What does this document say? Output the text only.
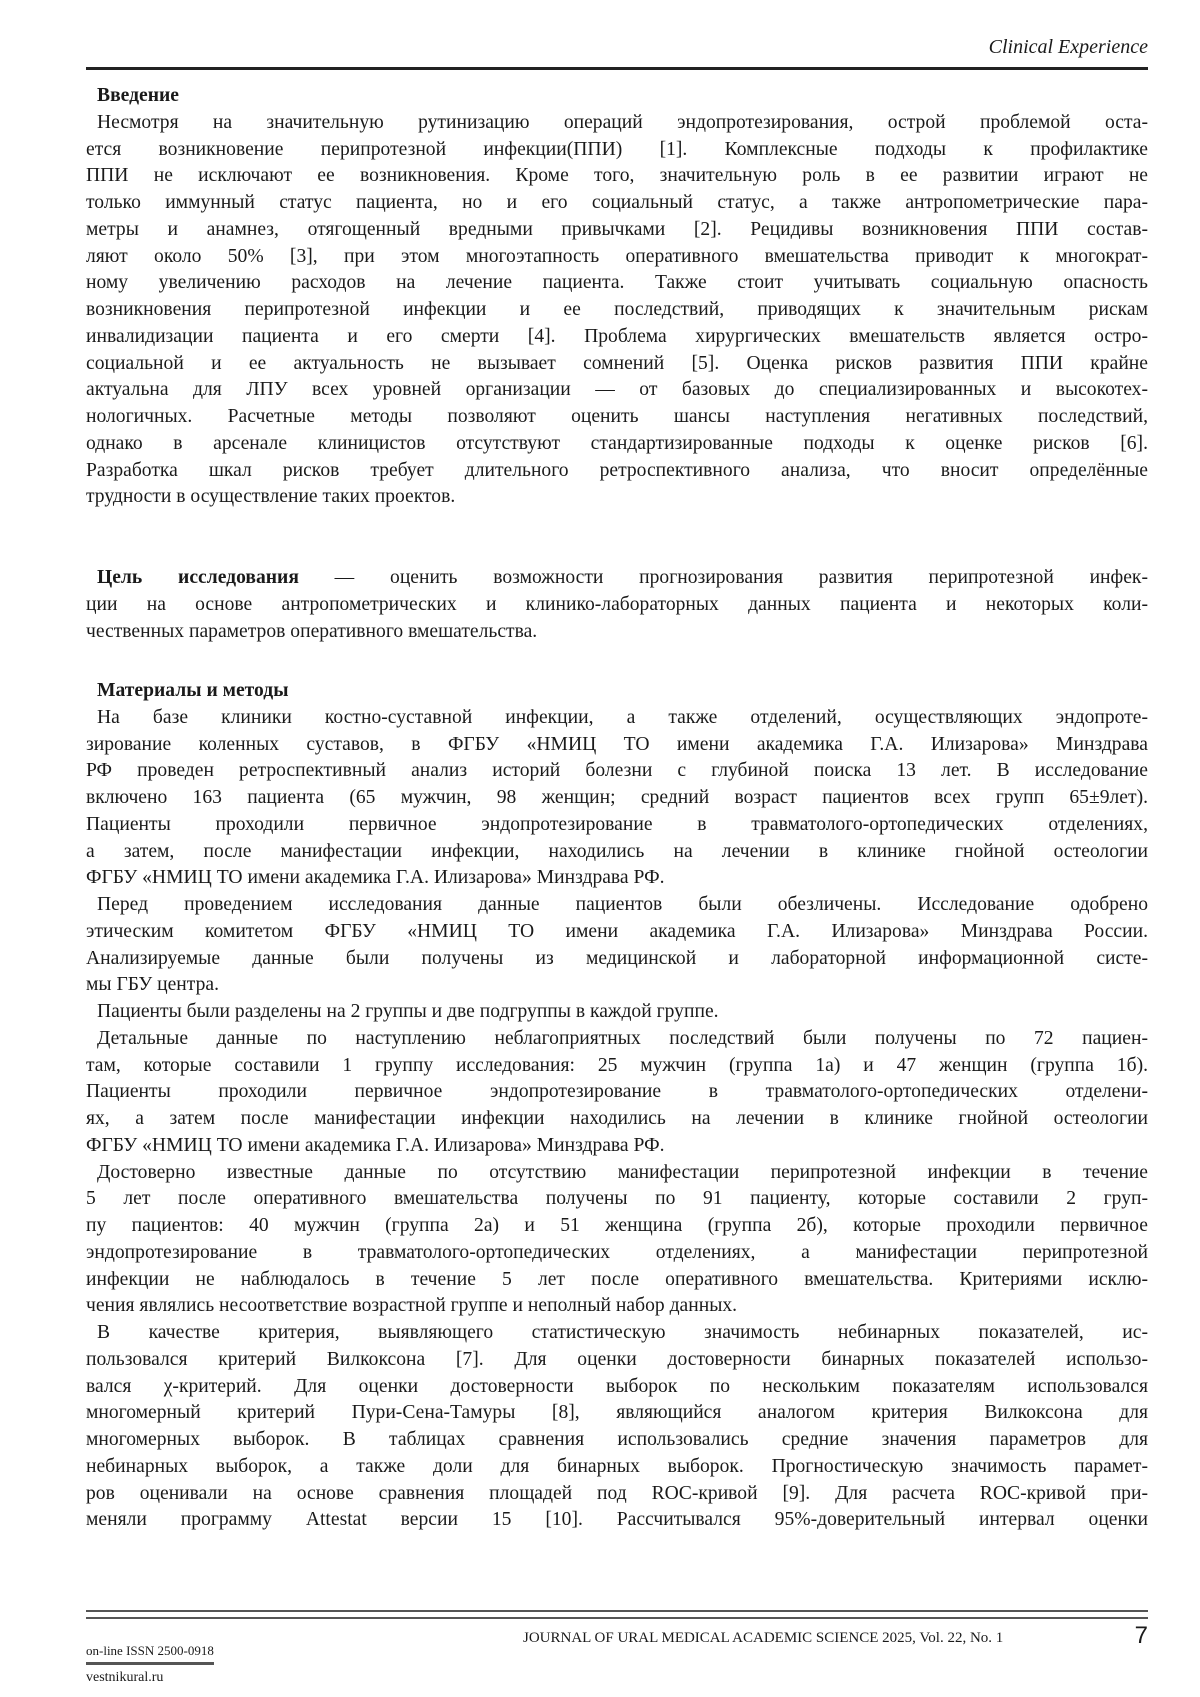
Clinical Experience
Введение
Несмотря на значительную рутинизацию операций эндопротезирования, острой проблемой оста-
ется возникновение перипротезной инфекции(ППИ) [1]. Комплексные подходы к профилактике
ППИ не исключают ее возникновения. Кроме того, значительную роль в ее развитии играют не
только иммунный статус пациента, но и его социальный статус, а также антропометрические пара-
метры и анамнез, отягощенный вредными привычками [2]. Рецидивы возникновения ППИ состав-
ляют около 50% [3], при этом многоэтапность оперативного вмешательства приводит к многократ-
ному увеличению расходов на лечение пациента. Также стоит учитывать социальную опасность
возникновения перипротезной инфекции и ее последствий, приводящих к значительным рискам
инвалидизации пациента и его смерти [4]. Проблема хирургических вмешательств является остро-
социальной и ее актуальность не вызывает сомнений [5]. Оценка рисков развития ППИ крайне
актуальна для ЛПУ всех уровней организации — от базовых до специализированных и высокотех-
нологичных. Расчетные методы позволяют оценить шансы наступления негативных последствий,
однако в арсенале клиницистов отсутствуют стандартизированные подходы к оценке рисков [6].
Разработка шкал рисков требует длительного ретроспективного анализа, что вносит определённые
трудности в осуществление таких проектов.
Цель исследования — оценить возможности прогнозирования развития перипротезной инфек-
ции на основе антропометрических и клинико-лабораторных данных пациента и некоторых коли-
чественных параметров оперативного вмешательства.
Материалы и методы
На базе клиники костно-суставной инфекции, а также отделений, осуществляющих эндопроте-
зирование коленных суставов, в ФГБУ «НМИЦ ТО имени академика Г.А. Илизарова» Минздрава
РФ проведен ретроспективный анализ историй болезни с глубиной поиска 13 лет. В исследование
включено 163 пациента (65 мужчин, 98 женщин; средний возраст пациентов всех групп 65±9лет).
Пациенты проходили первичное эндопротезирование в травматолого-ортопедических отделениях,
а затем, после манифестации инфекции, находились на лечении в клинике гнойной остеологии
ФГБУ «НМИЦ ТО имени академика Г.А. Илизарова» Минздрава РФ.
Перед проведением исследования данные пациентов были обезличены. Исследование одобрено
этическим комитетом ФГБУ «НМИЦ ТО имени академика Г.А. Илизарова» Минздрава России.
Анализируемые данные были получены из медицинской и лабораторной информационной систе-
мы ГБУ центра.
Пациенты были разделены на 2 группы и две подгруппы в каждой группе.
Детальные данные по наступлению неблагоприятных последствий были получены по 72 пациен-
там, которые составили 1 группу исследования: 25 мужчин (группа 1а) и 47 женщин (группа 1б).
Пациенты проходили первичное эндопротезирование в травматолого-ортопедических отделени-
ях, а затем после манифестации инфекции находились на лечении в клинике гнойной остеологии
ФГБУ «НМИЦ ТО имени академика Г.А. Илизарова» Минздрава РФ.
Достоверно известные данные по отсутствию манифестации перипротезной инфекции в течение
5 лет после оперативного вмешательства получены по 91 пациенту, которые составили 2 груп-
пу пациентов: 40 мужчин (группа 2а) и 51 женщина (группа 2б), которые проходили первичное
эндопротезирование в травматолого-ортопедических отделениях, а манифестации перипротезной
инфекции не наблюдалось в течение 5 лет после оперативного вмешательства. Критериями исклю-
чения являлись несоответствие возрастной группе и неполный набор данных.
В качестве критерия, выявляющего статистическую значимость небинарных показателей, ис-
пользовался критерий Вилкоксона [7]. Для оценки достоверности бинарных показателей использо-
вался χ-критерий. Для оценки достоверности выборок по нескольким показателям использовался
многомерный критерий Пури-Сена-Тамуры [8], являющийся аналогом критерия Вилкоксона для
многомерных выборок. В таблицах сравнения использовались средние значения параметров для
небинарных выборок, а также доли для бинарных выборок. Прогностическую значимость парамет-
ров оценивали на основе сравнения площадей под ROC-кривой [9]. Для расчета ROC-кривой при-
меняли программу Attestat версии 15 [10]. Рассчитывался 95%-доверительный интервал оценки
on-line ISSN 2500-0918
vestnikural.ru
JOURNAL OF URAL MEDICAL ACADEMIC SCIENCE 2025, Vol. 22, No. 1	7
